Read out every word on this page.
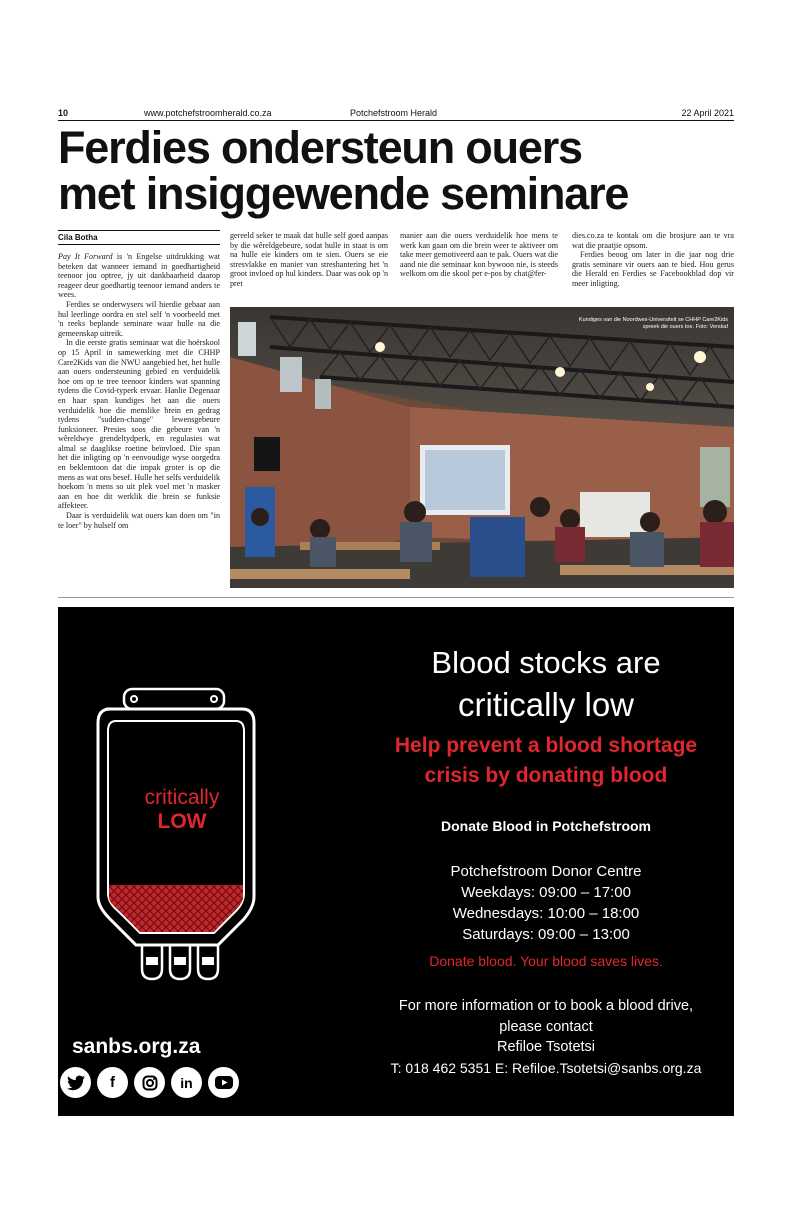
10	www.potchefstroomherald.co.za	Potchefstroom Herald	22 April 2021
Ferdies ondersteun ouers
met insiggewende seminare
Cila Botha

Pay It Forward is 'n Engelse uitdrukking wat beteken dat wanneer iemand in goedhartigheid teenoor jou optree, jy uit dankbaarheid daarop reageer deur goedhartig teenoor iemand anders te wees.

Ferdies se onderwysers wil hierdie gebaar aan hul leerlinge oordra en stel self 'n voorbeeld met 'n reeks beplande seminare waar hulle na die gemeenskap uitreik.

In die eerste gratis seminaar wat die hoërskool op 15 April in samewerking met die CHHP Care2Kids van die NWU aangebied het, het hulle aan ouers ondersteuning gebied en verduidelik hoe om op te tree teenoor kinders wat spanning tydens die Covid-typerk ervaar. Hanlie Degenaar en haar span kundiges het aan die ouers verduidelik hoe die menslike brein en gedrag tydens "sudden-change" lewensgebeure funksioneer. Presies soos die gebeure van 'n wêreldwye grendeltydperk, en regulasies wat almal se daaglikse roetine beïnvloed. Die span het die inligting op 'n eenvoudige wyse oorgedra en beklemtoon dat die impak groter is op die mens as wat ons besef. Hulle het selfs verduidelik hoekom 'n mens so uit plek voel met 'n masker aan en hoe dit werklik die brein se funksie affekteer.

Daar is verduidelik wat ouers kan doen om "in te loer" by hulself om

gereeld seker te maak dat hulle self goed aanpas by die wêreldgebeure, sodat hulle in staat is om na hulle eie kinders om te sien. Ouers se eie stresvlakke en manier van streshantering het 'n groot invloed op hul kinders. Daar was ook op 'n pret

manier aan die ouers verduidelik hoe mens te werk kan gaan om die brein weer te aktiveer om take meer gemotiveerd aan te pak. Ouers wat die aand nie die seminaar kon bywoon nie, is steeds welkom om die skool per e-pos by chat@fer-

dies.co.za te kontak om die brosjure aan te vra wat die praatjie opsom.

Ferdies beoog om later in die jaar nog drie gratis seminare vir ouers aan te bied. Hou gerus die Herald en Ferdies se Facebookblad dop vir meer inligting.

Kundiges van die Noordwes-Universiteit se CHHP Care2Kids spreek die ouers toe. Foto: Verskaf
critically
LOW
sanbs.org.za
f	in
Blood stocks are
critically low
Help prevent a blood shortage
crisis by donating blood
Donate Blood in Potchefstroom
Potchefstroom Donor Centre
Weekdays: 09:00 – 17:00
Wednesdays: 10:00 – 18:00
Saturdays: 09:00 – 13:00
Donate blood. Your blood saves lives.
For more information or to book a blood drive,
please contact
Refiloe Tsotetsi
T: 018 462 5351 E: Refiloe.Tsotetsi@sanbs.org.za
